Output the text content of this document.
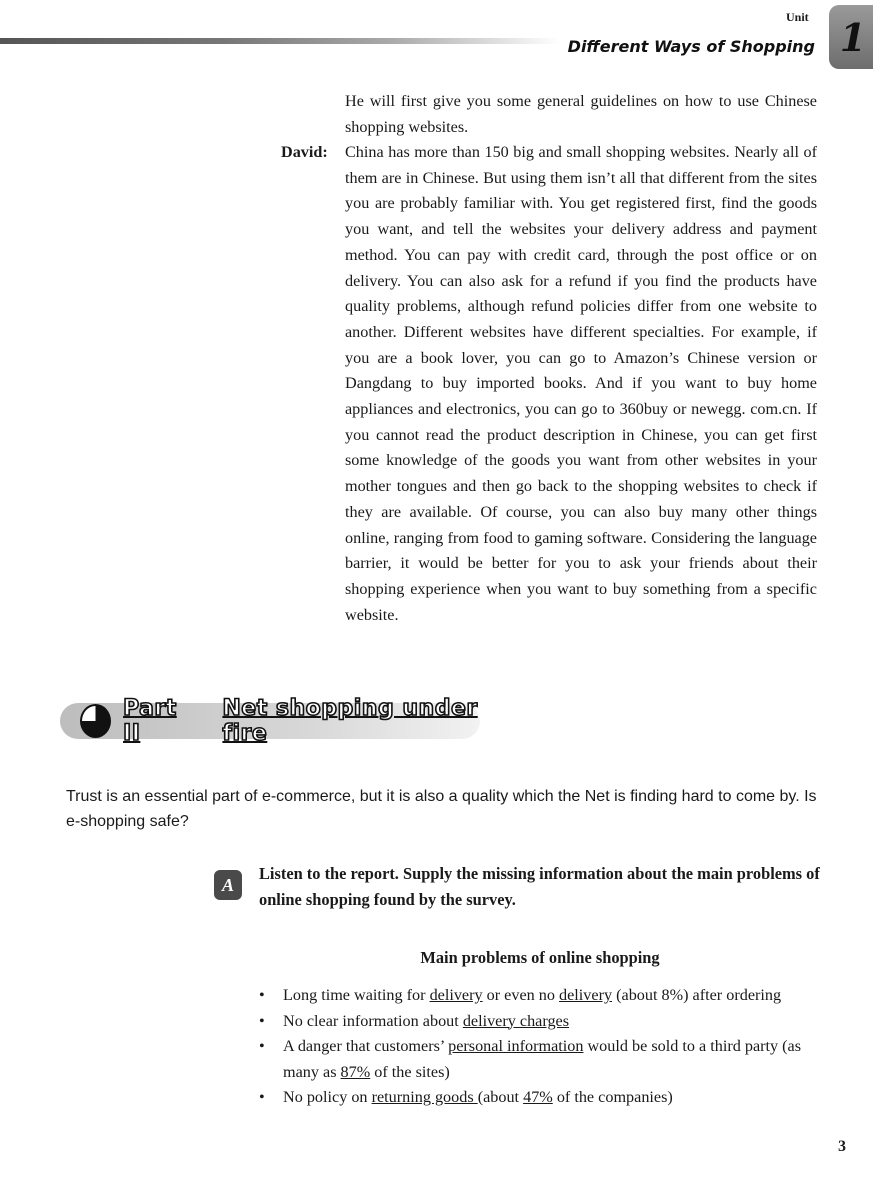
Unit
Different Ways of Shopping 1

He will first give you some general guidelines on how to use Chinese shopping websites.

David: China has more than 150 big and small shopping websites. Nearly all of them are in Chinese. But using them isn’t all that different from the sites you are probably familiar with. You get registered first, find the goods you want, and tell the websites your delivery address and payment method. You can pay with credit card, through the post office or on delivery. You can also ask for a refund if you find the products have quality problems, although refund policies differ from one website to another. Different websites have different specialties. For example, if you are a book lover, you can go to Amazon’s Chinese version or Dangdang to buy imported books. And if you want to buy home appliances and electronics, you can go to 360buy or newegg. com.cn. If you cannot read the product description in Chinese, you can get first some knowledge of the goods you want from other websites in your mother tongues and then go back to the shopping websites to check if they are available. Of course, you can also buy many other things online, ranging from food to gaming software. Considering the language barrier, it would be better for you to ask your friends about their shopping experience when you want to buy something from a specific website.

Part II
Net shopping under fire
Trust is an essential part of e-commerce, but it is also a quality which the Net is finding hard to come by. Is e-shopping safe?
A
Listen to the report. Supply the missing information about the main problems of online shopping found by the survey.
Main problems of online shopping
• Long time waiting for delivery or even no delivery (about 8%) after ordering
• No clear information about delivery charges
• A danger that customers’ personal information would be sold to a third party (as many as 87% of the sites)
• No policy on returning goods (about 47% of the companies)
3
